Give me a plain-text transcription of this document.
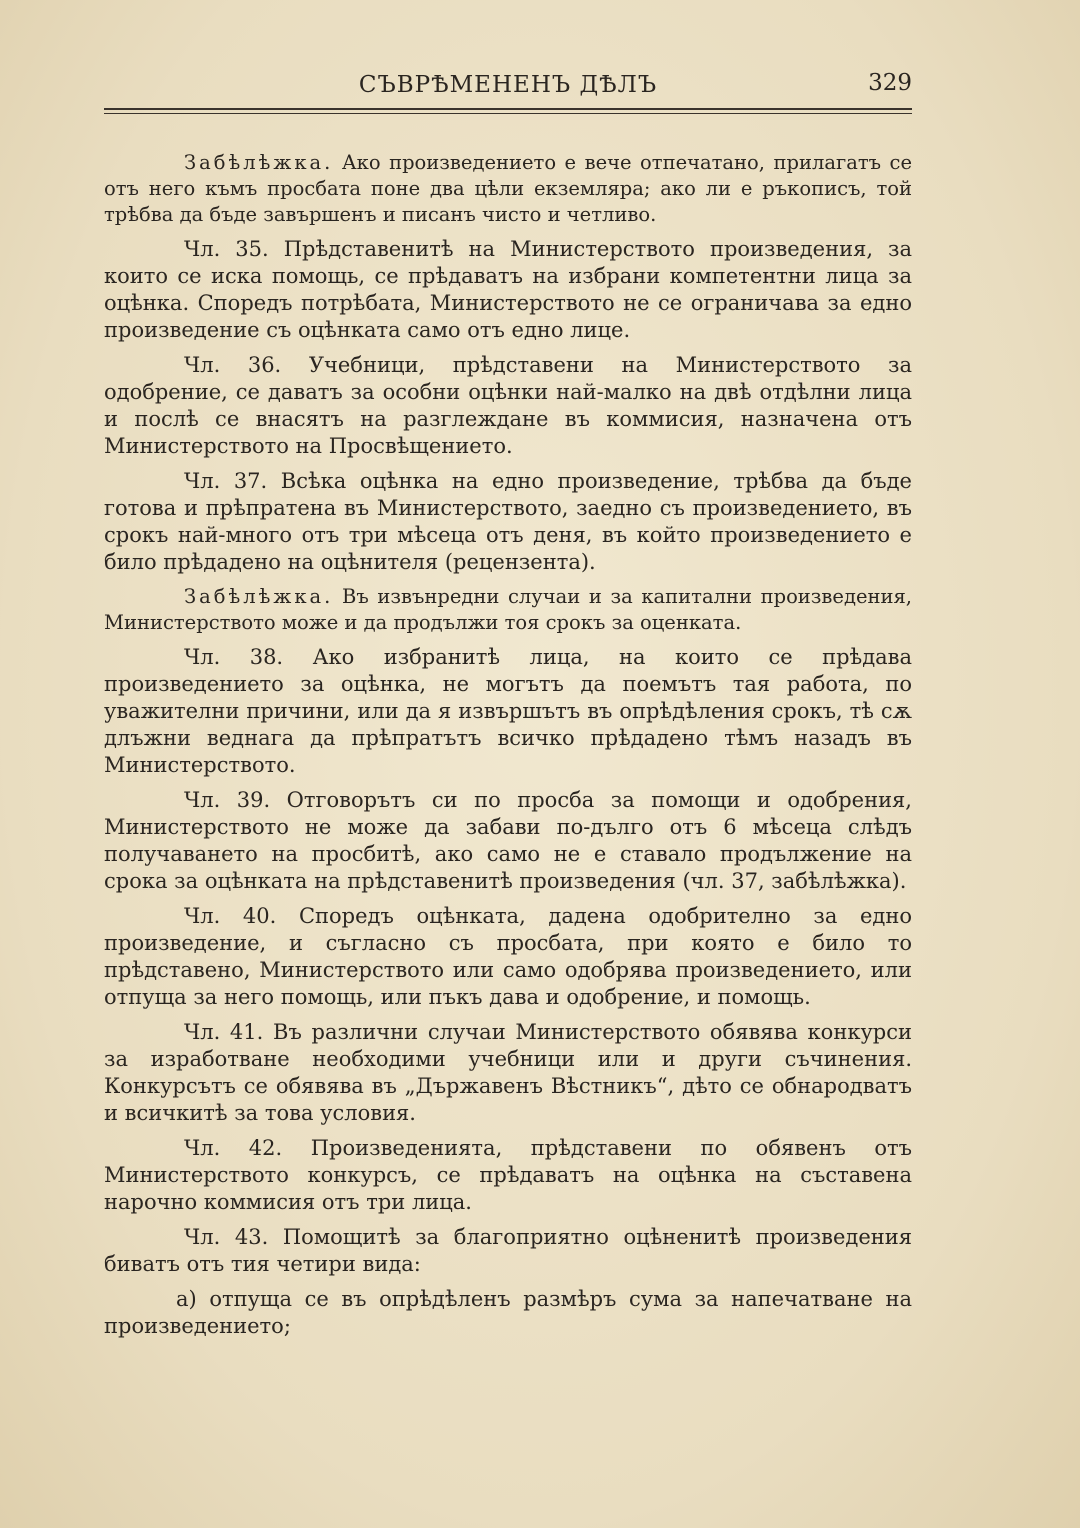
СЪВРѢМЕНЕНЪ ДѢЛЪ	329

Забѣлѣжка. Ако произведението е вече отпечатано, прилагатъ се отъ него къмъ просбата поне два цѣли екземляра; ако ли е ръкописъ, той трѣбва да бъде завършенъ и писанъ чисто и четливо.

Чл. 35. Прѣдставенитѣ на Министерството произведения, за които се иска помощь, се прѣдаватъ на избрани компетентни лица за оцѣнка. Споредъ потрѣбата, Министерството не се ограничава за едно произведение съ оцѣнката само отъ едно лице.

Чл. 36. Учебници, прѣдставени на Министерството за одобрение, се даватъ за особни оцѣнки най-малко на двѣ отдѣлни лица и послѣ се внасятъ на разглеждане въ коммисия, назначена отъ Министерството на Просвѣщението.

Чл. 37. Всѣка оцѣнка на едно произведение, трѣбва да бъде готова и прѣпратена въ Министерството, заедно съ произведението, въ срокъ най-много отъ три мѣсеца отъ деня, въ който произведението е било прѣдадено на оцѣнителя (рецензента).

Забѣлѣжка. Въ извънредни случаи и за капитални произведения, Министерството може и да продължи тоя срокъ за оценката.

Чл. 38. Ако избранитѣ лица, на които се прѣдава произведението за оцѣнка, не могътъ да поемътъ тая работа, по уважителни причини, или да я извършътъ въ опрѣдѣления срокъ, тѣ сѫ длъжни веднага да прѣпратътъ всичко прѣдадено тѣмъ назадъ въ Министерството.

Чл. 39. Отговорътъ си по просба за помощи и одобрения, Министерството не може да забави по-дълго отъ 6 мѣсеца слѣдъ получаването на просбитѣ, ако само не е ставало продължение на срока за оцѣнката на прѣдставенитѣ произведения (чл. 37, забѣлѣжка).

Чл. 40. Споредъ оцѣнката, дадена одобрително за едно произведение, и съгласно съ просбата, при която е било то прѣдставено, Министерството или само одобрява произведението, или отпуща за него помощь, или пъкъ дава и одобрение, и помощь.

Чл. 41. Въ различни случаи Министерството обявява конкурси за изработване необходими учебници или и други съчинения. Конкурсътъ се обявява въ „Държавенъ Вѣстникъ“, дѣто се обнародватъ и всичкитѣ за това условия.

Чл. 42. Произведенията, прѣдставени по обявенъ отъ Министерството конкурсъ, се прѣдаватъ на оцѣнка на съставена нарочно коммисия отъ три лица.

Чл. 43. Помощитѣ за благоприятно оцѣненитѣ произведения биватъ отъ тия четири вида:

а) отпуща се въ опрѣдѣленъ размѣръ сума за напечатване на произведението;
